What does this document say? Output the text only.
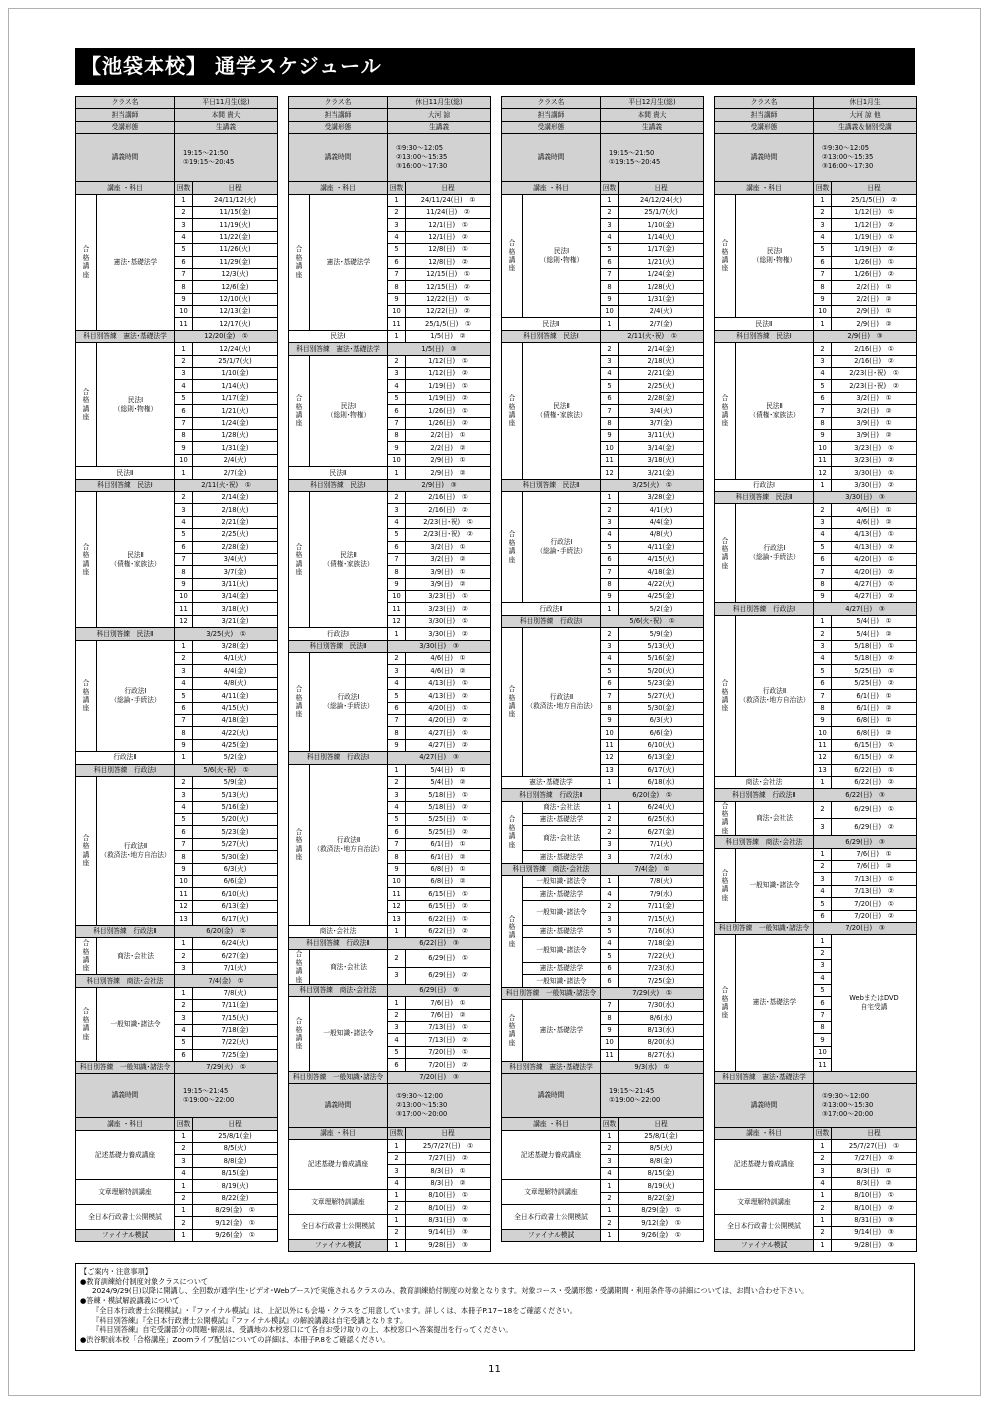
【池袋本校】 通学スケジュール
クラス名		平日11月生(総)	
担当講師		本間 貴大	
受講形態		生講義	
講義時間		19:15～21:50
①19:15～20:45	
講座 ・科目		回数	日程
合
格
講
座	憲法･基礎法学	1	24/11/12(火)
		2	11/15(金)
		3	11/19(火)
		4	11/22(金)
		5	11/26(火)
		6	11/29(金)
		7	12/3(火)
		8	12/6(金)
		9	12/10(火)
		10	12/13(金)
		11	12/17(火)
科目別答練　憲法･基礎法学		12/20(金)　①	
合
格
講
座	民法Ⅰ
（総則･物権）	1	12/24(火)
		2	25/1/7(火)
		3	1/10(金)
		4	1/14(火)
		5	1/17(金)
		6	1/21(火)
		7	1/24(金)
		8	1/28(火)
		9	1/31(金)
		10	2/4(火)
民法Ⅱ		1	2/7(金)
科目別答練　民法Ⅰ		2/11(火･祝)　①	
合
格
講
座	民法Ⅱ
（債権･家族法）	2	2/14(金)
		3	2/18(火)
		4	2/21(金)
		5	2/25(火)
		6	2/28(金)
		7	3/4(火)
		8	3/7(金)
		9	3/11(火)
		10	3/14(金)
		11	3/18(火)
		12	3/21(金)
科目別答練　民法Ⅱ		3/25(火)　①	
合
格
講
座	行政法Ⅰ
（総論･手続法）	1	3/28(金)
		2	4/1(火)
		3	4/4(金)
		4	4/8(火)
		5	4/11(金)
		6	4/15(火)
		7	4/18(金)
		8	4/22(火)
		9	4/25(金)
行政法Ⅱ		1	5/2(金)
科目別答練　行政法Ⅰ		5/6(火･祝)　①	
合
格
講
座	行政法Ⅱ
（救済法･地方自治法）	2	5/9(金)
		3	5/13(火)
		4	5/16(金)
		5	5/20(火)
		6	5/23(金)
		7	5/27(火)
		8	5/30(金)
		9	6/3(火)
		10	6/6(金)
		11	6/10(火)
		12	6/13(金)
		13	6/17(火)
科目別答練　行政法Ⅱ		6/20(金)　①	
合
格
講
座	商法･会社法	1	6/24(火)
		2	6/27(金)
		3	7/1(火)
科目別答練　商法･会社法		7/4(金)　①	
合
格
講
座	一般知識･諸法令	1	7/8(火)
		2	7/11(金)
		3	7/15(火)
		4	7/18(金)
		5	7/22(火)
		6	7/25(金)
科目別答練　一般知識･諸法令		7/29(火)　①	
講義時間		19:15～21:45
①19:00～22:00	
講座 ・科目		回数	日程
記述基礎力養成講座		1	25/8/1(金)
		2	8/5(火)
		3	8/8(金)
		4	8/15(金)
文章理解特訓講座		1	8/19(火)
		2	8/22(金)
全日本行政書士公開模試		1	8/29(金)　①
		2	9/12(金)　①
ファイナル模試		1	9/26(金)　①
クラス名		休日11月生(総)	
担当講師		大河 諒	
受講形態		生講義	
講義時間		①9:30～12:05
②13:00～15:35
③16:00～17:30	
講座 ・科目		回数	日程
合
格
講
座	憲法･基礎法学	1	24/11/24(日)　①
		2	11/24(日)　②
		3	12/1(日)　①
		4	12/1(日)　②
		5	12/8(日)　①
		6	12/8(日)　②
		7	12/15(日)　①
		8	12/15(日)　②
		9	12/22(日)　①
		10	12/22(日)　②
		11	25/1/5(日)　①
民法Ⅰ		1	1/5(日)　②
科目別答練　憲法･基礎法学		1/5(日)　③	
合
格
講
座	民法Ⅰ
（総則･物権）	2	1/12(日)　①
		3	1/12(日)　②
		4	1/19(日)　①
		5	1/19(日)　②
		6	1/26(日)　①
		7	1/26(日)　②
		8	2/2(日)　①
		9	2/2(日)　②
		10	2/9(日)　①
民法Ⅱ		1	2/9(日)　②
科目別答練　民法Ⅰ		2/9(日)　③	
合
格
講
座	民法Ⅱ
（債権･家族法）	2	2/16(日)　①
		3	2/16(日)　②
		4	2/23(日･祝)　①
		5	2/23(日･祝)　②
		6	3/2(日)　①
		7	3/2(日)　②
		8	3/9(日)　①
		9	3/9(日)　②
		10	3/23(日)　①
		11	3/23(日)　②
		12	3/30(日)　①
行政法Ⅰ		1	3/30(日)　②
科目別答練　民法Ⅱ		3/30(日)　③	
合
格
講
座	行政法Ⅰ
（総論･手続法）	2	4/6(日)　①
		3	4/6(日)　②
		4	4/13(日)　①
		5	4/13(日)　②
		6	4/20(日)　①
		7	4/20(日)　②
		8	4/27(日)　①
		9	4/27(日)　②
科目別答練　行政法Ⅰ		4/27(日)　③	
合
格
講
座	行政法Ⅱ
（救済法･地方自治法）	1	5/4(日)　①
		2	5/4(日)　②
		3	5/18(日)　①
		4	5/18(日)　②
		5	5/25(日)　①
		6	5/25(日)　②
		7	6/1(日)　①
		8	6/1(日)　②
		9	6/8(日)　①
		10	6/8(日)　②
		11	6/15(日)　①
		12	6/15(日)　②
		13	6/22(日)　①
商法･会社法		1	6/22(日)　②
科目別答練　行政法Ⅱ		6/22(日)　③	
合
格
講
座	商法･会社法	2	6/29(日)　①
		3	6/29(日)　②
科目別答練　商法･会社法		6/29(日)　③	
合
格
講
座	一般知識･諸法令	1	7/6(日)　①
		2	7/6(日)　②
		3	7/13(日)　①
		4	7/13(日)　②
		5	7/20(日)　①
		6	7/20(日)　②
科目別答練　一般知識･諸法令		7/20(日)　③	
講義時間		①9:30～12:00
②13:00～15:30
③17:00～20:00	
講座 ・科目		回数	日程
記述基礎力養成講座		1	25/7/27(日)　①
		2	7/27(日)　②
		3	8/3(日)　①
		4	8/3(日)　②
文章理解特訓講座		1	8/10(日)　①
		2	8/10(日)　②
全日本行政書士公開模試		1	8/31(日)　③
		2	9/14(日)　③
ファイナル模試		1	9/28(日)　③
クラス名		平日12月生(総)	
担当講師		本間 貴大	
受講形態		生講義	
講義時間		19:15～21:50
①19:15～20:45	
講座 ・科目		回数	日程
合
格
講
座	民法Ⅰ
（総則･物権）	1	24/12/24(火)
		2	25/1/7(火)
		3	1/10(金)
		4	1/14(火)
		5	1/17(金)
		6	1/21(火)
		7	1/24(金)
		8	1/28(火)
		9	1/31(金)
		10	2/4(火)
民法Ⅱ		1	2/7(金)
科目別答練　民法Ⅰ		2/11(火･祝)　①	
合
格
講
座	民法Ⅱ
（債権･家族法）	2	2/14(金)
		3	2/18(火)
		4	2/21(金)
		5	2/25(火)
		6	2/28(金)
		7	3/4(火)
		8	3/7(金)
		9	3/11(火)
		10	3/14(金)
		11	3/18(火)
		12	3/21(金)
科目別答練　民法Ⅱ		3/25(火)　①	
合
格
講
座	行政法Ⅰ
（総論･手続法）	1	3/28(金)
		2	4/1(火)
		3	4/4(金)
		4	4/8(火)
		5	4/11(金)
		6	4/15(火)
		7	4/18(金)
		8	4/22(火)
		9	4/25(金)
行政法Ⅱ		1	5/2(金)
科目別答練　行政法Ⅰ		5/6(火･祝)　①	
合
格
講
座	行政法Ⅱ
（救済法･地方自治法）	2	5/9(金)
		3	5/13(火)
		4	5/16(金)
		5	5/20(火)
		6	5/23(金)
		7	5/27(火)
		8	5/30(金)
		9	6/3(火)
		10	6/6(金)
		11	6/10(火)
		12	6/13(金)
		13	6/17(火)
憲法･基礎法学		1	6/18(水)
科目別答練　行政法Ⅱ		6/20(金)　①	
合
格
講
座	商法･会社法	1	6/24(火)
	憲法･基礎法学	2	6/25(水)
	商法･会社法	2	6/27(金)
		3	7/1(火)
	憲法･基礎法学	3	7/2(水)
科目別答練　商法･会社法		7/4(金)　①	
合
格
講
座	一般知識･諸法令	1	7/8(火)
	憲法･基礎法学	4	7/9(水)
	一般知識･諸法令	2	7/11(金)
		3	7/15(火)
	憲法･基礎法学	5	7/16(水)
	一般知識･諸法令	4	7/18(金)
		5	7/22(火)
	憲法･基礎法学	6	7/23(水)
	一般知識･諸法令	6	7/25(金)
科目別答練　一般知識･諸法令		7/29(火)　①	
合
格
講
座	憲法･基礎法学	7	7/30(水)
		8	8/6(水)
		9	8/13(水)
		10	8/20(水)
		11	8/27(水)
科目別答練　憲法･基礎法学		9/3(水)　①	
講義時間		19:15～21:45
①19:00～22:00	
講座 ・科目		回数	日程
記述基礎力養成講座		1	25/8/1(金)
		2	8/5(火)
		3	8/8(金)
		4	8/15(金)
文章理解特訓講座		1	8/19(火)
		2	8/22(金)
全日本行政書士公開模試		1	8/29(金)　①
		2	9/12(金)　①
ファイナル模試		1	9/26(金)　①
クラス名		休日1月生	
担当講師		大河 諒 他	
受講形態		生講義＆個別受講	
講義時間		①9:30～12:05
②13:00～15:35
③16:00～17:30	
講座 ・科目		回数	日程
合
格
講
座	民法Ⅰ
（総則･物権）	1	25/1/5(日)　②
		2	1/12(日)　①
		3	1/12(日)　②
		4	1/19(日)　①
		5	1/19(日)　②
		6	1/26(日)　①
		7	1/26(日)　②
		8	2/2(日)　①
		9	2/2(日)　②
		10	2/9(日)　①
民法Ⅱ		1	2/9(日)　②
科目別答練　民法Ⅰ		2/9(日)　③	
合
格
講
座	民法Ⅱ
（債権･家族法）	2	2/16(日)　①
		3	2/16(日)　②
		4	2/23(日･祝)　①
		5	2/23(日･祝)　②
		6	3/2(日)　①
		7	3/2(日)　②
		8	3/9(日)　①
		9	3/9(日)　②
		10	3/23(日)　①
		11	3/23(日)　②
		12	3/30(日)　①
行政法Ⅰ		1	3/30(日)　②
科目別答練　民法Ⅱ		3/30(日)　③	
合
格
講
座	行政法Ⅰ
（総論･手続法）	2	4/6(日)　①
		3	4/6(日)　②
		4	4/13(日)　①
		5	4/13(日)　②
		6	4/20(日)　①
		7	4/20(日)　②
		8	4/27(日)　①
		9	4/27(日)　②
科目別答練　行政法Ⅰ		4/27(日)　③	
合
格
講
座	行政法Ⅱ
（救済法･地方自治法）	1	5/4(日)　①
		2	5/4(日)　②
		3	5/18(日)　①
		4	5/18(日)　②
		5	5/25(日)　①
		6	5/25(日)　②
		7	6/1(日)　①
		8	6/1(日)　②
		9	6/8(日)　①
		10	6/8(日)　②
		11	6/15(日)　①
		12	6/15(日)　②
		13	6/22(日)　①
商法･会社法		1	6/22(日)　②
科目別答練　行政法Ⅱ		6/22(日)　③	
合
格
講
座	商法･会社法	2	6/29(日)　①
		3	6/29(日)　②
科目別答練　商法･会社法		6/29(日)　③	
合
格
講
座	一般知識･諸法令	1	7/6(日)　①
		2	7/6(日)　②
		3	7/13(日)　①
		4	7/13(日)　②
		5	7/20(日)　①
		6	7/20(日)　②
科目別答練　一般知識･諸法令		7/20(日)　③	
合
格
講
座	憲法･基礎法学	1	WebまたはDVD
自宅受講
		2	
		3	
		4	
		5	
		6	
		7	
		8	
		9	
		10	
		11	
科目別答練　憲法･基礎法学			
講義時間		①9:30～12:00
②13:00～15:30
③17:00～20:00	
講座 ・科目		回数	日程
記述基礎力養成講座		1	25/7/27(日)　①
		2	7/27(日)　②
		3	8/3(日)　①
		4	8/3(日)　②
文章理解特訓講座		1	8/10(日)　①
		2	8/10(日)　②
全日本行政書士公開模試		1	8/31(日)　③
		2	9/14(日)　③
ファイナル模試		1	9/28(日)　③
【ご案内・注意事項】
●教育訓練給付制度対象クラスについて
2024/9/29(日)以降に開講し、全回数が通学(生･ビデオ･Webブース)で実施されるクラスのみ、教育訓練給付制度の対象となります。対象コース・受講形態・受講期間・利用条件等の詳細については、お問い合わせ下さい。
●答練・模試解説講義について
『全日本行政書士公開模試』･『ファイナル模試』は、上記以外にも会場・クラスをご用意しています。詳しくは、本冊子P.17~18をご確認ください。
『科目別答練』『全日本行政書士公開模試』『ファイナル模試』の解説講義は自宅受講となります。
『科目別答練』自宅受講部分の問題･解説は、受講地の本校窓口にて各自お受け取りの上、本校窓口へ答案提出を行ってください。
●渋谷駅前本校「合格講座」Zoomライブ配信についての詳細は、本冊子P.8をご確認ください。
11
